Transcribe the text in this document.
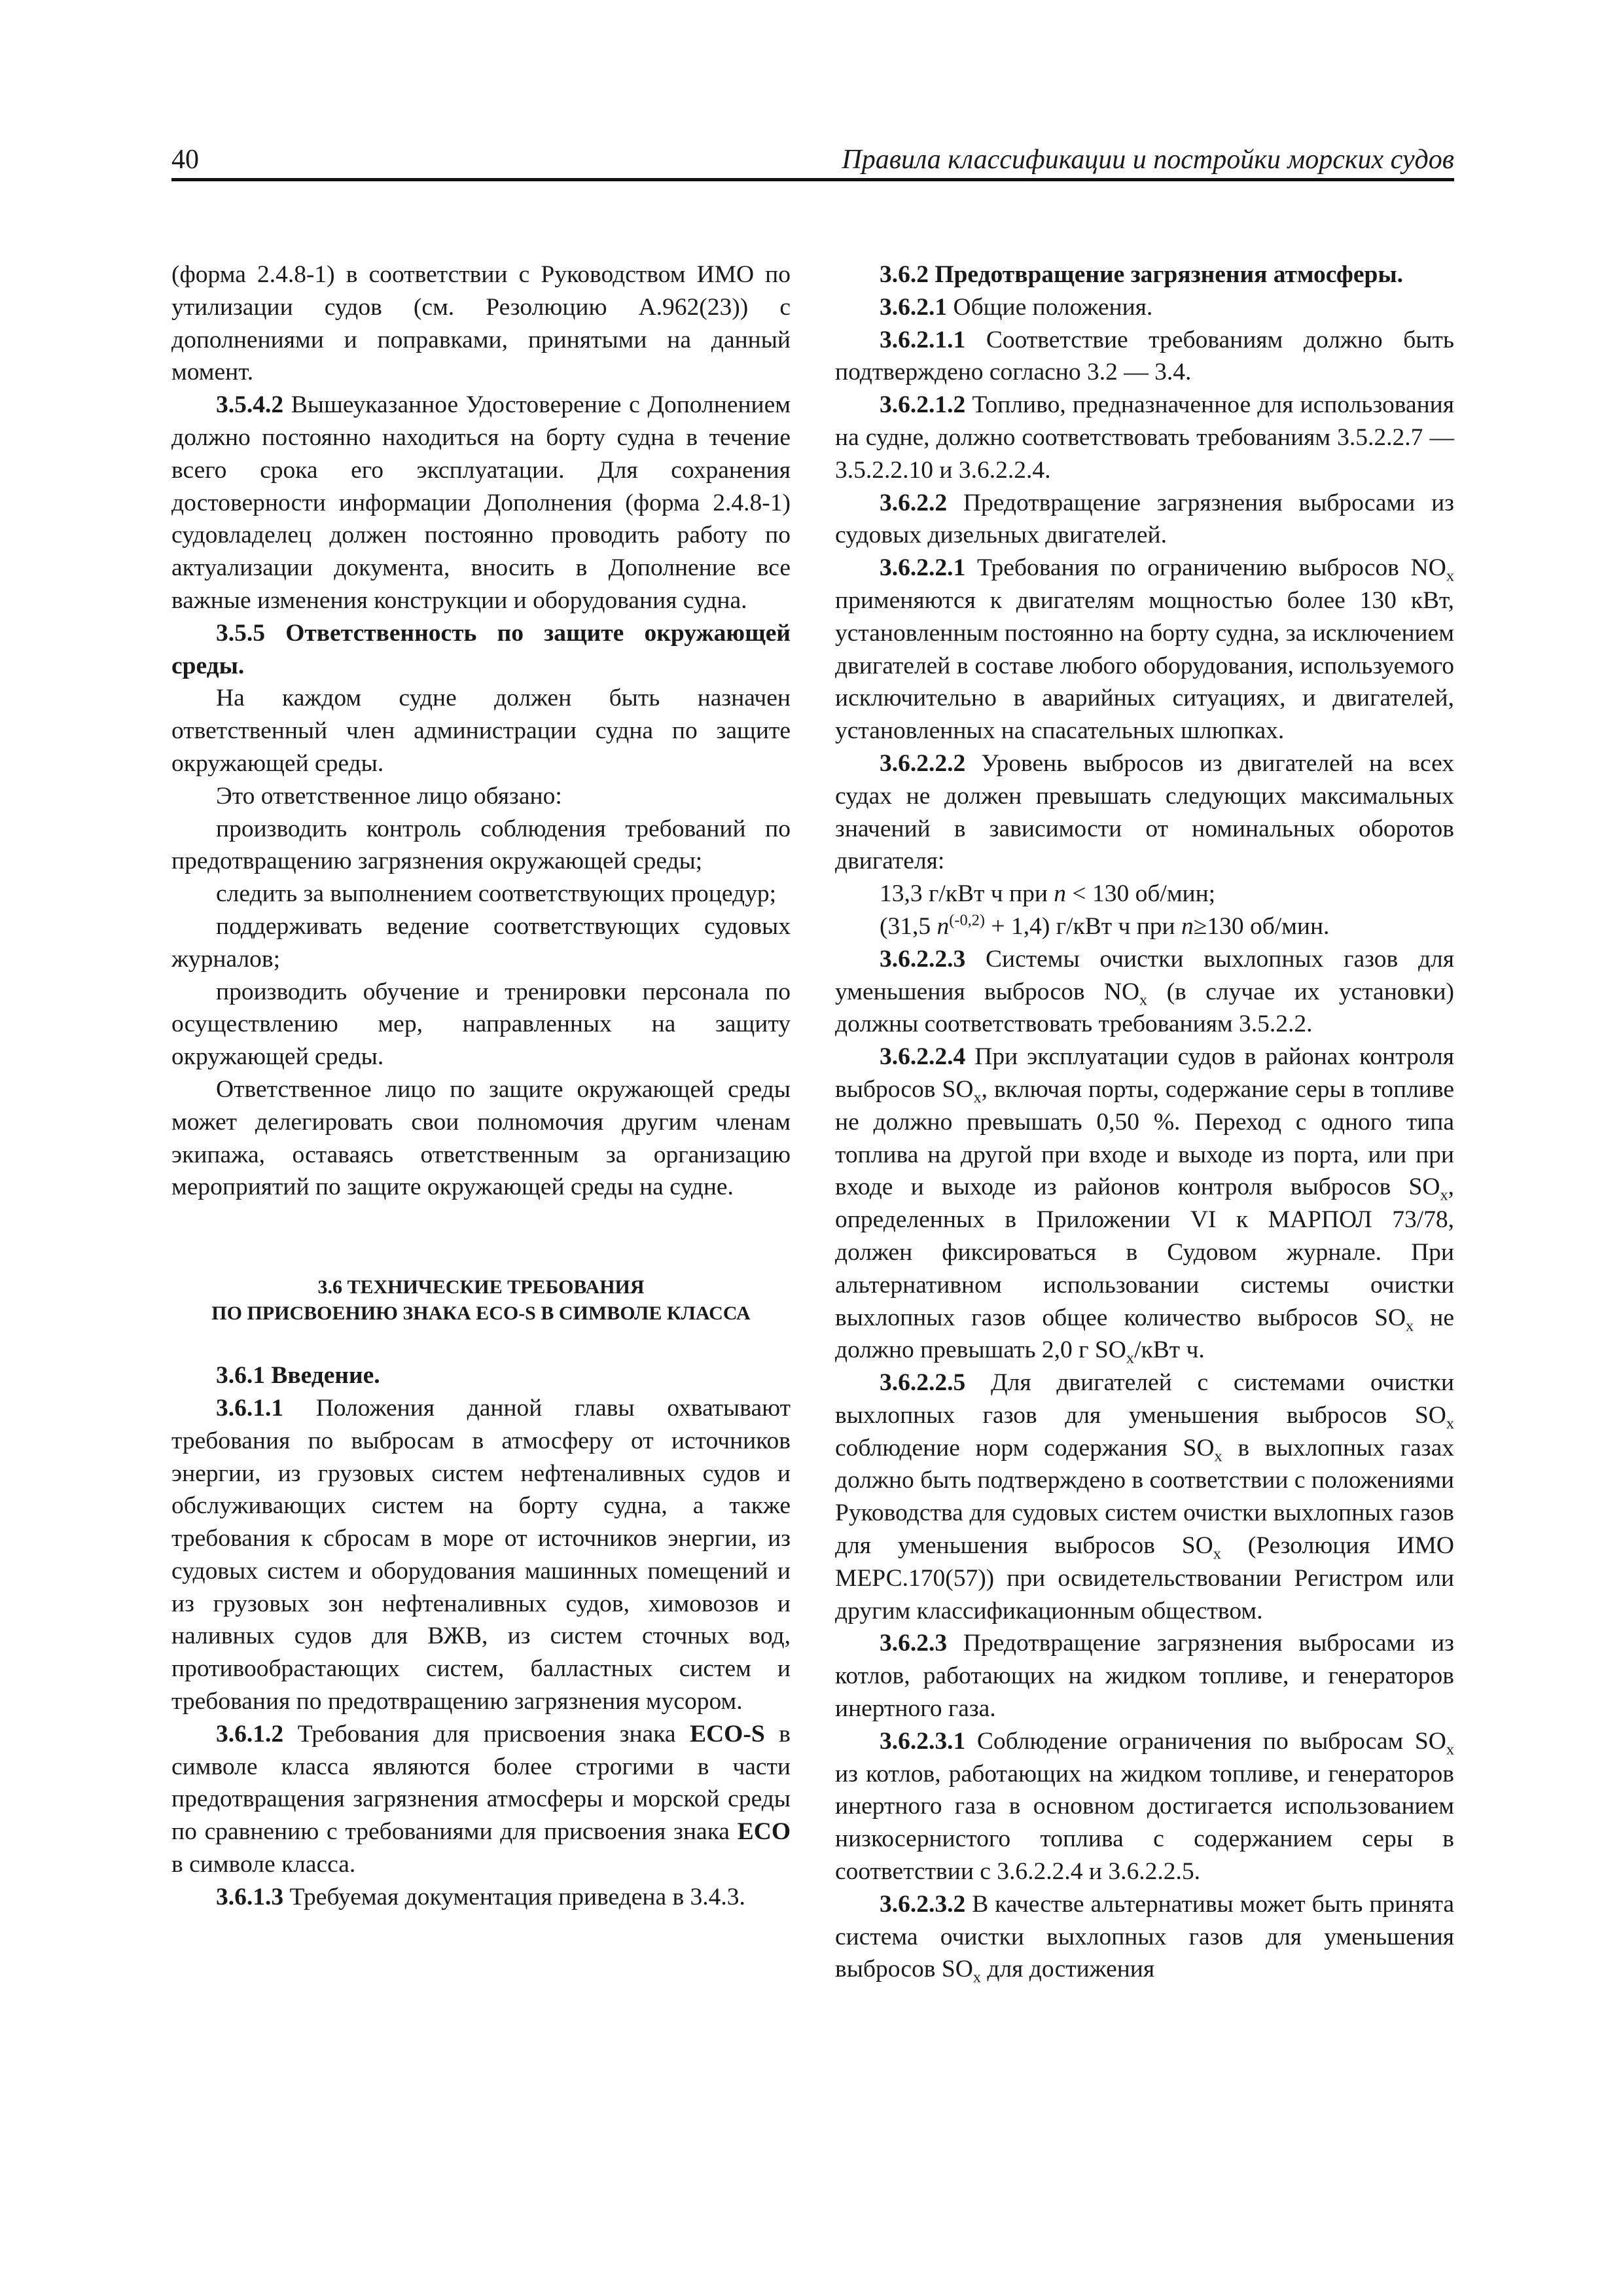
40	Правила классификации и постройки морских судов

(форма 2.4.8-1) в соответствии с Руководством ИМО по утилизации судов (см. Резолюцию A.962(23)) с дополнениями и поправками, принятыми на данный момент.

3.5.4.2 Вышеуказанное Удостоверение с Дополнением должно постоянно находиться на борту судна в течение всего срока его эксплуатации. Для сохранения достоверности информации Дополнения (форма 2.4.8-1) судовладелец должен постоянно проводить работу по актуализации документа, вносить в Дополнение все важные изменения конструкции и оборудования судна.

3.5.5 Ответственность по защите окружающей среды.

На каждом судне должен быть назначен ответственный член администрации судна по защите окружающей среды.

Это ответственное лицо обязано:

производить контроль соблюдения требований по предотвращению загрязнения окружающей среды;

следить за выполнением соответствующих процедур;

поддерживать ведение соответствующих судовых журналов;

производить обучение и тренировки персонала по осуществлению мер, направленных на защиту окружающей среды.

Ответственное лицо по защите окружающей среды может делегировать свои полномочия другим членам экипажа, оставаясь ответственным за организацию мероприятий по защите окружающей среды на судне.

3.6 ТЕХНИЧЕСКИЕ ТРЕБОВАНИЯ
ПО ПРИСВОЕНИЮ ЗНАКА ECO-S В СИМВОЛЕ КЛАССА

3.6.1 Введение.

3.6.1.1 Положения данной главы охватывают требования по выбросам в атмосферу от источников энергии, из грузовых систем нефтеналивных судов и обслуживающих систем на борту судна, а также требования к сбросам в море от источников энергии, из судовых систем и оборудования машинных помещений и из грузовых зон нефтеналивных судов, химовозов и наливных судов для ВЖВ, из систем сточных вод, противообрастающих систем, балластных систем и требования по предотвращению загрязнения мусором.

3.6.1.2 Требования для присвоения знака ECO-S в символе класса являются более строгими в части предотвращения загрязнения атмосферы и морской среды по сравнению с требованиями для присвоения знака ECO в символе класса.

3.6.1.3 Требуемая документация приведена в 3.4.3.

3.6.2 Предотвращение загрязнения атмосферы.

3.6.2.1 Общие положения.

3.6.2.1.1 Соответствие требованиям должно быть подтверждено согласно 3.2 — 3.4.

3.6.2.1.2 Топливо, предназначенное для использования на судне, должно соответствовать требованиям 3.5.2.2.7 — 3.5.2.2.10 и 3.6.2.2.4.

3.6.2.2 Предотвращение загрязнения выбросами из судовых дизельных двигателей.

3.6.2.2.1 Требования по ограничению выбросов $NO_x$ применяются к двигателям мощностью более 130 кВт, установленным постоянно на борту судна, за исключением двигателей в составе любого оборудования, используемого исключительно в аварийных ситуациях, и двигателей, установленных на спасательных шлюпках.

3.6.2.2.2 Уровень выбросов из двигателей на всех судах не должен превышать следующих максимальных значений в зависимости от номинальных оборотов двигателя:

13,3 г/кВт ч при n < 130 об/мин;

(31,5 $n^{(-0,2)} + 1,4$) г/кВт ч при n≥130 об/мин.

3.6.2.2.3 Системы очистки выхлопных газов для уменьшения выбросов $NO_x$ (в случае их установки) должны соответствовать требованиям 3.5.2.2.

3.6.2.2.4 При эксплуатации судов в районах контроля выбросов $SO_x$, включая порты, содержание серы в топливе не должно превышать 0,50 %. Переход с одного типа топлива на другой при входе и выходе из порта, или при входе и выходе из районов контроля выбросов $SO_x$, определенных в Приложении VI к МАРПОЛ 73/78, должен фиксироваться в Судовом журнале. При альтернативном использовании системы очистки выхлопных газов общее количество выбросов $SO_x$ не должно превышать 2,0 г $SO_x$/кВт ч.

3.6.2.2.5 Для двигателей с системами очистки выхлопных газов для уменьшения выбросов $SO_x$ соблюдение норм содержания $SO_x$ в выхлопных газах должно быть подтверждено в соответствии с положениями Руководства для судовых систем очистки выхлопных газов для уменьшения выбросов $SO_x$ (Резолюция ИМО МЕРС.170(57)) при освидетельствовании Регистром или другим классификационным обществом.

3.6.2.3 Предотвращение загрязнения выбросами из котлов, работающих на жидком топливе, и генераторов инертного газа.

3.6.2.3.1 Соблюдение ограничения по выбросам $SO_x$ из котлов, работающих на жидком топливе, и генераторов инертного газа в основном достигается использованием низкосернистого топлива с содержанием серы в соответствии с 3.6.2.2.4 и 3.6.2.2.5.

3.6.2.3.2 В качестве альтернативы может быть принята система очистки выхлопных газов для уменьшения выбросов $SO_x$ для достижения
